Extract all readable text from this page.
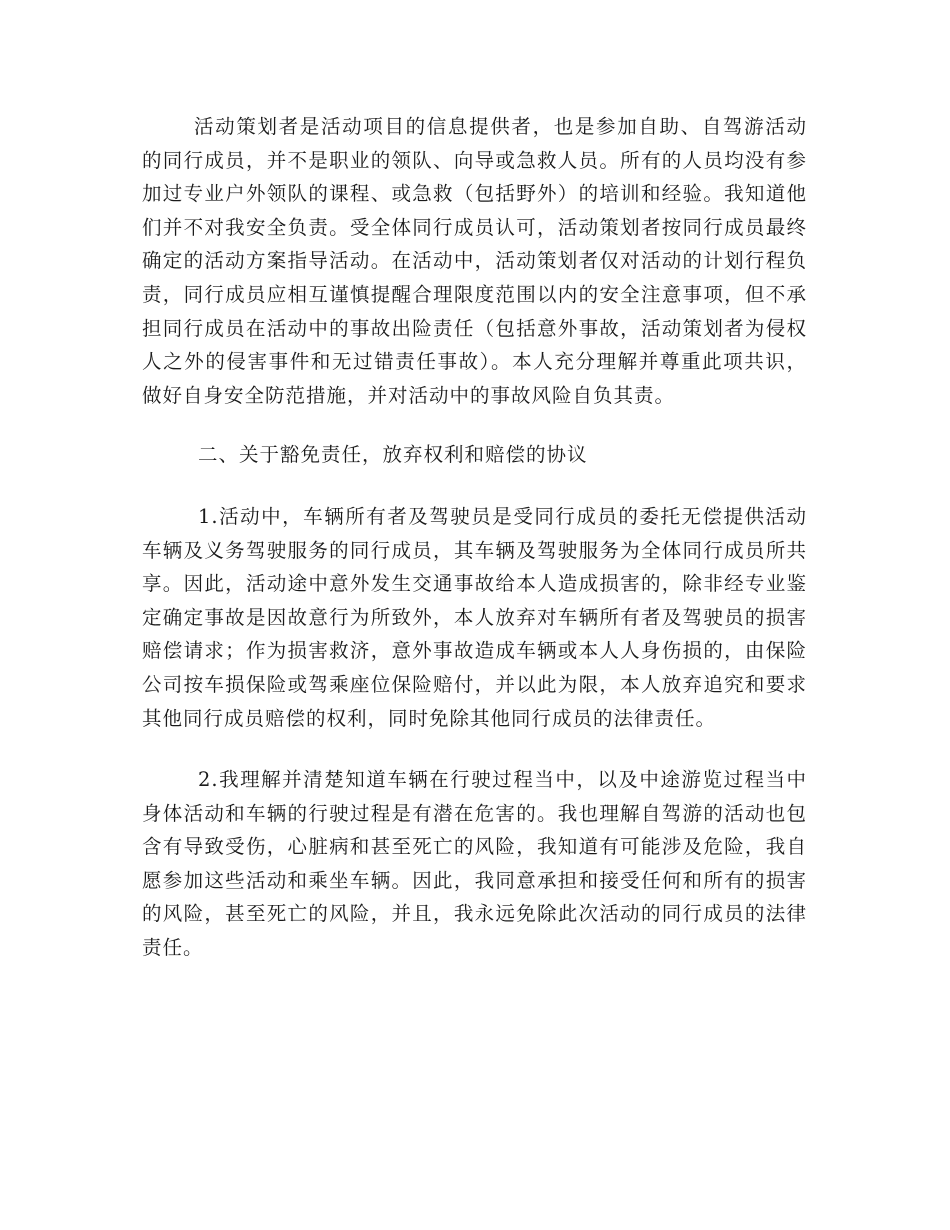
活动策划者是活动项目的信息提供者，也是参加自助、自驾游活动的同行成员，并不是职业的领队、向导或急救人员。所有的人员均没有参加过专业户外领队的课程、或急救（包括野外）的培训和经验。我知道他们并不对我安全负责。受全体同行成员认可，活动策划者按同行成员最终确定的活动方案指导活动。在活动中，活动策划者仅对活动的计划行程负责，同行成员应相互谨慎提醒合理限度范围以内的安全注意事项，但不承担同行成员在活动中的事故出险责任（包括意外事故，活动策划者为侵权人之外的侵害事件和无过错责任事故）。本人充分理解并尊重此项共识，做好自身安全防范措施，并对活动中的事故风险自负其责。

二、关于豁免责任，放弃权利和赔偿的协议

1.活动中，车辆所有者及驾驶员是受同行成员的委托无偿提供活动车辆及义务驾驶服务的同行成员，其车辆及驾驶服务为全体同行成员所共享。因此，活动途中意外发生交通事故给本人造成损害的，除非经专业鉴定确定事故是因故意行为所致外，本人放弃对车辆所有者及驾驶员的损害赔偿请求；作为损害救济，意外事故造成车辆或本人人身伤损的，由保险公司按车损保险或驾乘座位保险赔付，并以此为限，本人放弃追究和要求其他同行成员赔偿的权利，同时免除其他同行成员的法律责任。

2.我理解并清楚知道车辆在行驶过程当中，以及中途游览过程当中身体活动和车辆的行驶过程是有潜在危害的。我也理解自驾游的活动也包含有导致受伤，心脏病和甚至死亡的风险，我知道有可能涉及危险，我自愿参加这些活动和乘坐车辆。因此，我同意承担和接受任何和所有的损害的风险，甚至死亡的风险，并且，我永远免除此次活动的同行成员的法律责任。
